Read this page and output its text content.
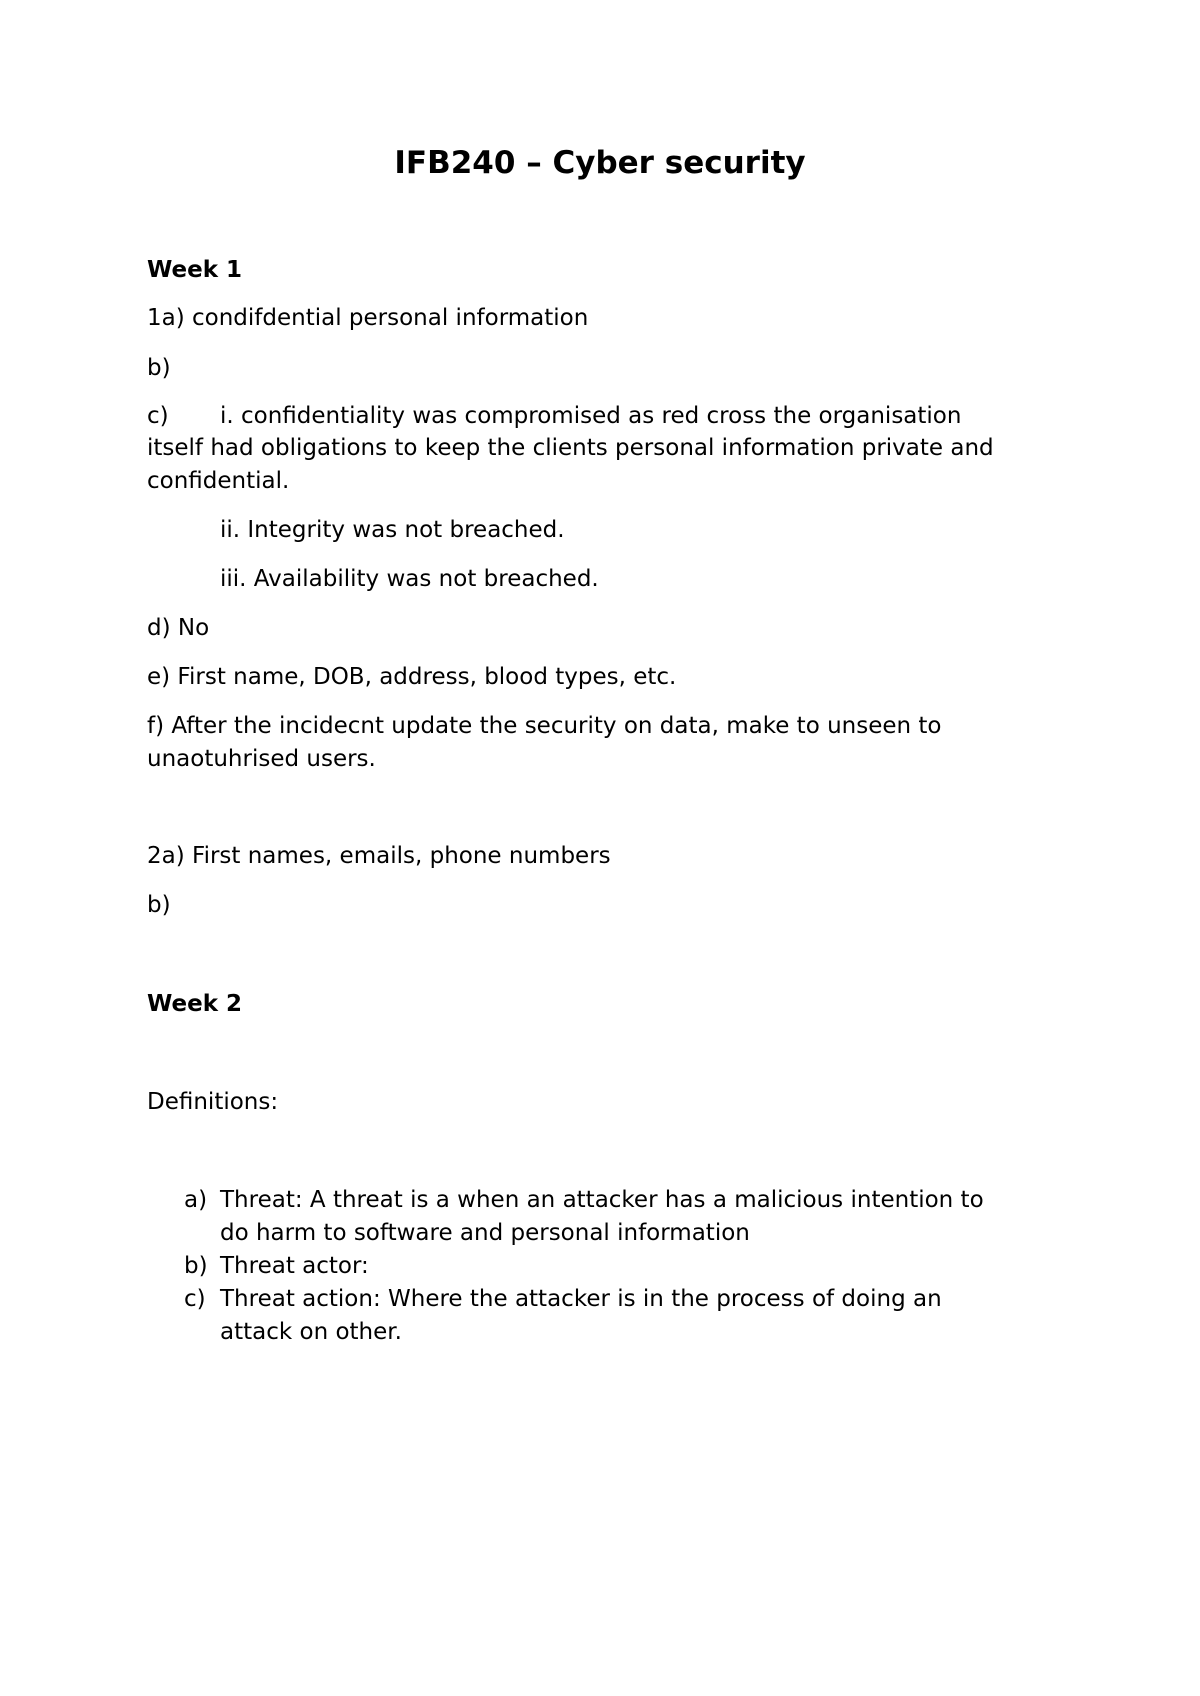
IFB240 – Cyber security

Week 1

1a) condifdential personal information

b)

c) i. confidentiality was compromised as red cross the organisation

itself had obligations to keep the clients personal information private and

confidential.

ii. Integrity was not breached.

iii. Availability was not breached.

d) No

e) First name, DOB, address, blood types, etc.

f) After the incidecnt update the security on data, make to unseen to

unaotuhrised users.

2a) First names, emails, phone numbers

b)

Week 2

Definitions:

a) Threat: A threat is a when an attacker has a malicious intention to

do harm to software and personal information

b) Threat actor:

c) Threat action: Where the attacker is in the process of doing an

attack on other.
